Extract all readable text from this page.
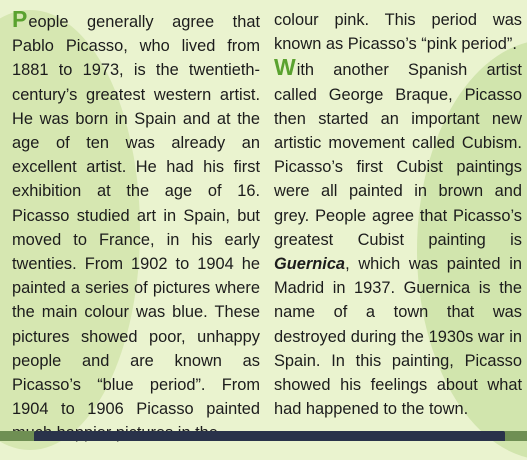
People generally agree that Pablo Picasso, who lived from 1881 to 1973, is the twentieth-century’s greatest western artist. He was born in Spain and at the age of ten was already an excellent artist. He had his first exhibition at the age of 16. Picasso studied art in Spain, but moved to France, in his early twenties. From 1902 to 1904 he painted a series of pictures where the main colour was blue. These pictures showed poor, unhappy people and are known as Picasso’s “blue period”. From 1904 to 1906 Picasso painted

colour pink. This period was known as Picasso’s “pink period”.

With another Spanish artist called George Braque, Picasso then started an important new artistic movement called Cubism. Picasso’s first Cubist paintings were all painted in brown and grey. People agree that Picasso’s greatest Cubist painting is Guernica, which was painted in Madrid in 1937. Guernica is the name of a town that was destroyed during the 1930s war in Spain. In this painting, Picasso showed his feelings about what had happened to the town.
